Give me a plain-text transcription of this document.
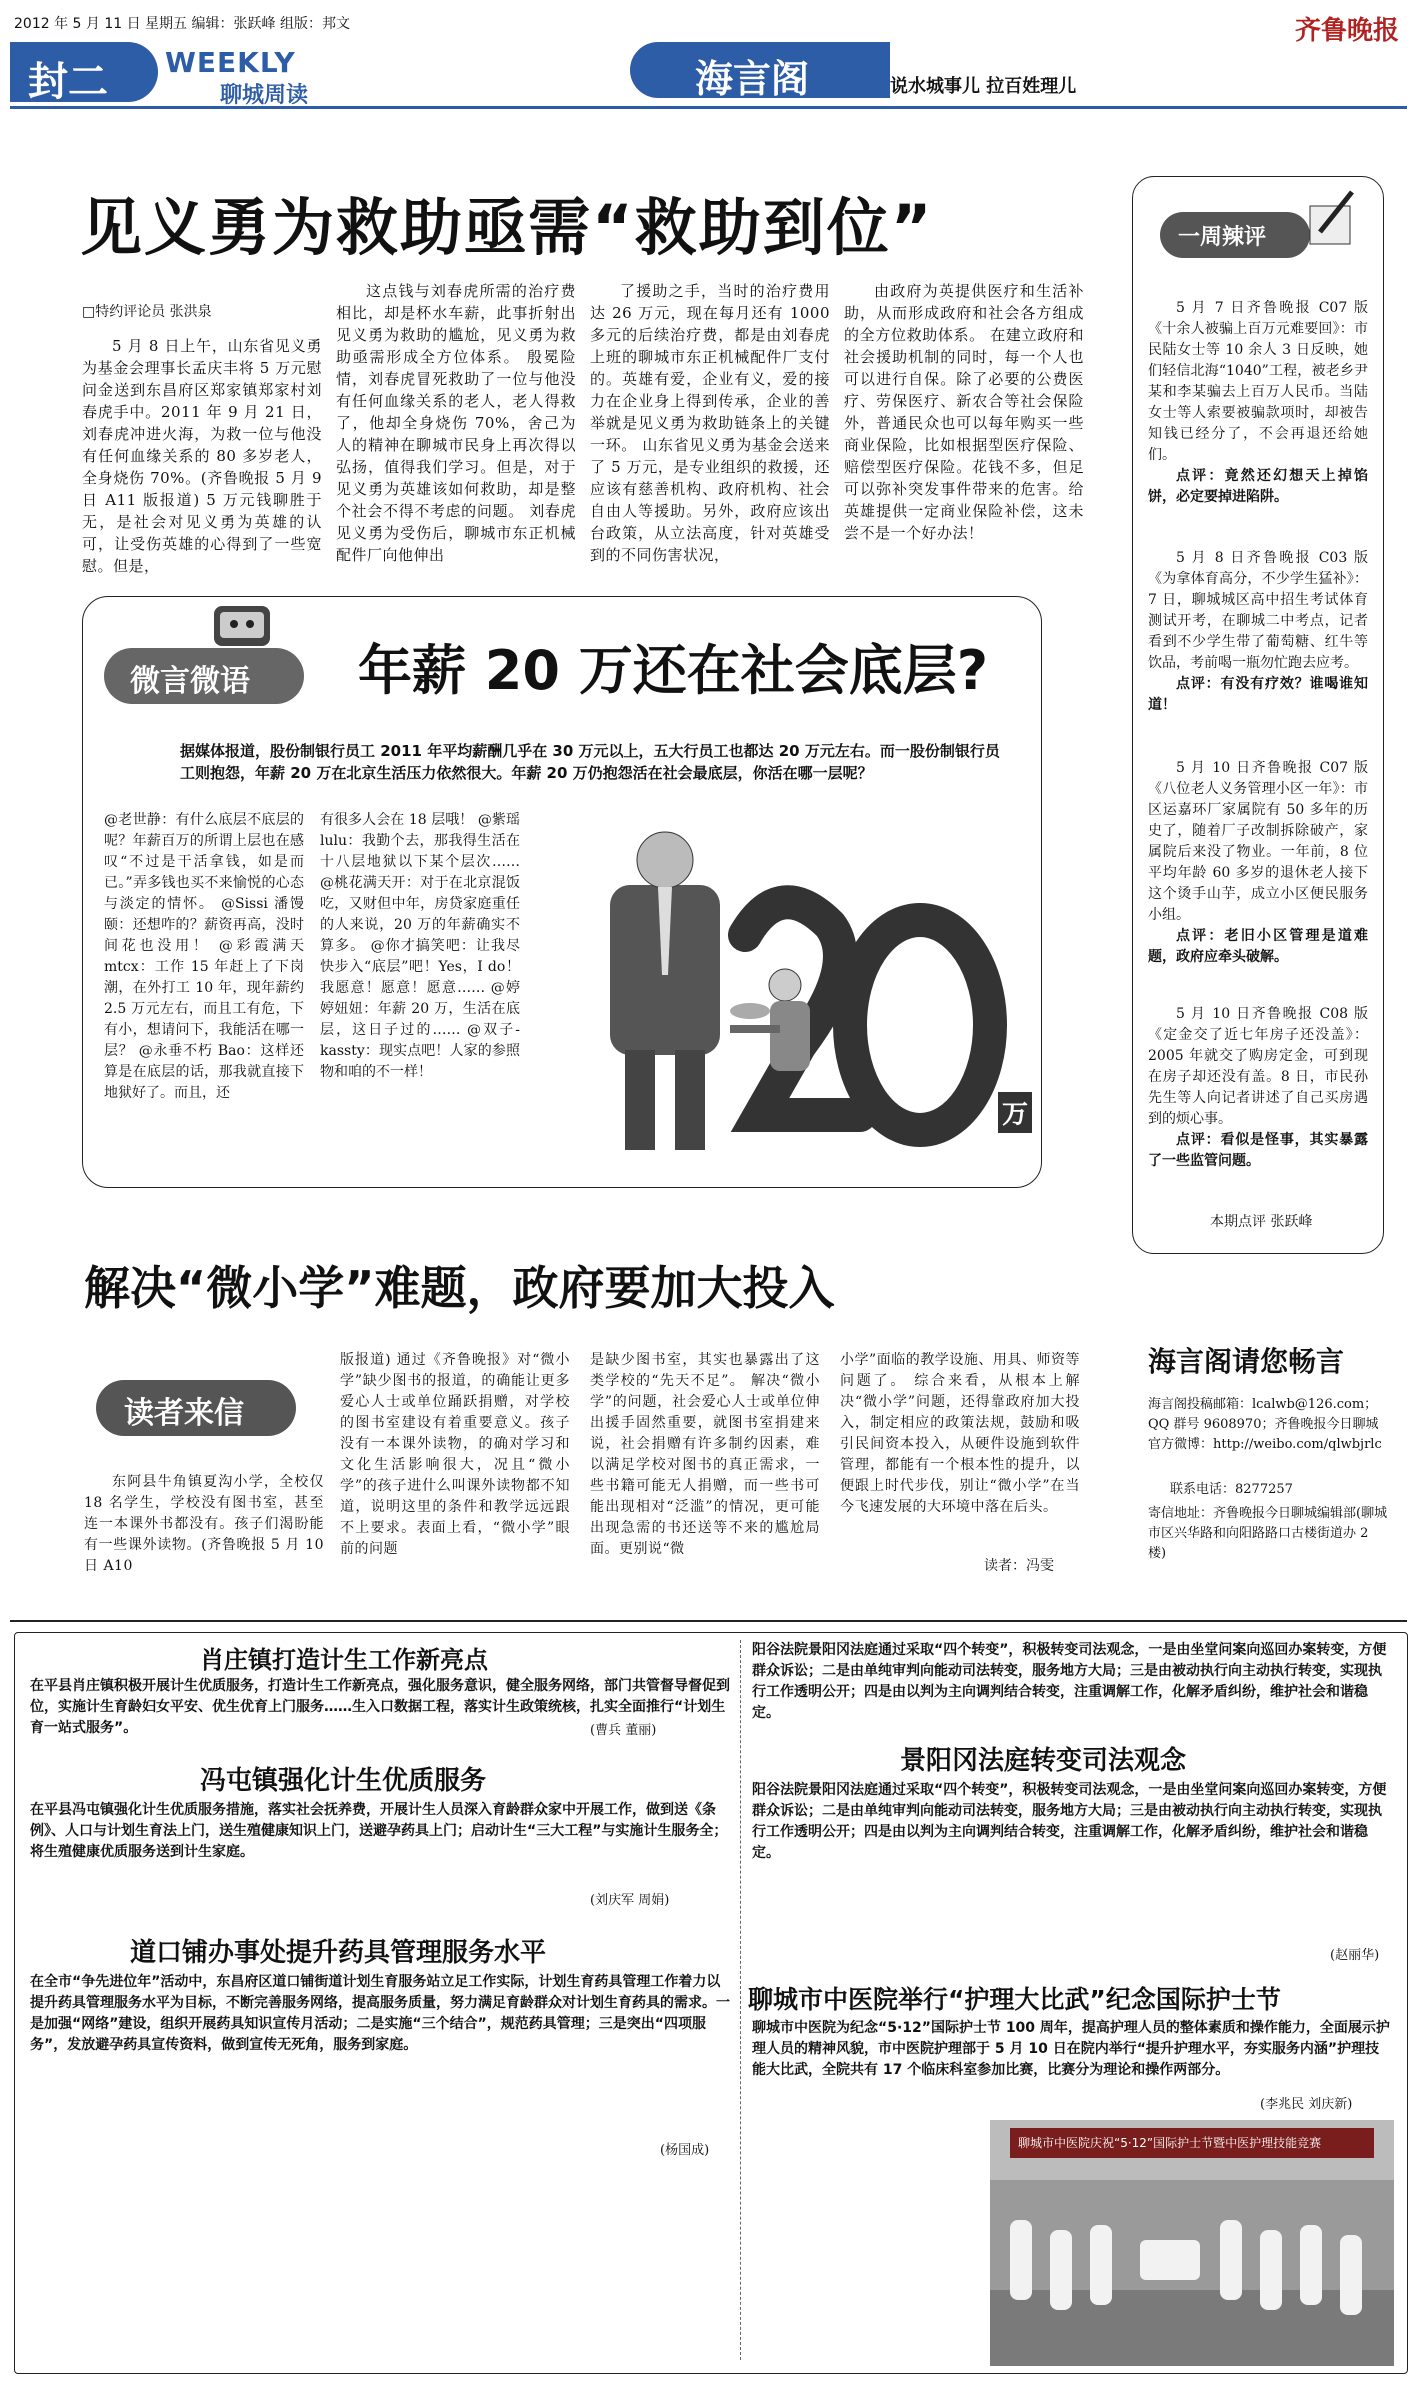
2012 年 5 月 11 日 星期五 编辑：张跃峰 组版：邦文	齐鲁晚报
封二 WEEKLY
聊城周读	海言阁	说水城事儿 拉百姓理儿
见义勇为救助亟需“救助到位”
□特约评论员 张洪泉

5 月 8 日上午，山东省见义勇为基金会理事长孟庆丰将 5 万元慰问金送到东昌府区郑家镇郑家村刘春虎手中。2011 年 9 月 21 日，刘春虎冲进火海，为救一位与他没有任何血缘关系的 80 多岁老人，全身烧伤 70%。(齐鲁晚报 5 月 9 日 A11 版报道) 5 万元钱聊胜于无，是社会对见义勇为英雄的认可，让受伤英雄的心得到了一些宽慰。但是，

这点钱与刘春虎所需的治疗费相比，却是杯水车薪，此事折射出见义勇为救助的尴尬，见义勇为救助亟需形成全方位体系。 殷冕险情，刘春虎冒死救助了一位与他没有任何血缘关系的老人，老人得救了，他却全身烧伤 70%，舍己为人的精神在聊城市民身上再次得以弘扬，值得我们学习。但是，对于见义勇为英雄该如何救助，却是整个社会不得不考虑的问题。 刘春虎见义勇为受伤后，聊城市东正机械配件厂向他伸出

了援助之手，当时的治疗费用达 26 万元，现在每月还有 1000 多元的后续治疗费，都是由刘春虎上班的聊城市东正机械配件厂支付的。英雄有爱，企业有义，爱的接力在企业身上得到传承，企业的善举就是见义勇为救助链条上的关键一环。 山东省见义勇为基金会送来了 5 万元，是专业组织的救援，还应该有慈善机构、政府机构、社会自由人等援助。另外，政府应该出台政策，从立法高度，针对英雄受到的不同伤害状况，

由政府为英提供医疗和生活补助，从而形成政府和社会各方组成的全方位救助体系。 在建立政府和社会援助机制的同时，每一个人也可以进行自保。除了必要的公费医疗、劳保医疗、新农合等社会保险外，普通民众也可以每年购买一些商业保险，比如根据型医疗保险、赔偿型医疗保险。花钱不多，但足可以弥补突发事件带来的危害。给英雄提供一定商业保险补偿，这未尝不是一个好办法！

微言微语 年薪 20 万还在社会底层?
据媒体报道，股份制银行员工 2011 年平均薪酬几乎在 30 万元以上，五大行员工也都达 20 万元左右。而一股份制银行员工则抱怨，年薪 20 万在北京生活压力依然很大。年薪 20 万仍抱怨活在社会最底层，你活在哪一层呢？
@老世静：有什么底层不底层的呢？年薪百万的所谓上层也在感叹“不过是干活拿钱，如是而已。”弄多钱也买不来愉悦的心态与淡定的情怀。 @Sissi 潘馒颐：还想咋的？薪资再高，没时间花也没用！ @彩霞满天 mtcx：工作 15 年赶上了下岗潮，在外打工 10 年，现年薪约 2.5 万元左右，而且工有危，下有小，想请问下，我能活在哪一层？ @永垂不朽 Bao：这样还算是在底层的话，那我就直接下地狱好了。而且，还
有很多人会在 18 层哦！ @紫瑶 lulu：我勤个去，那我得生活在十八层地狱以下某个层次…… @桃花满天开：对于在北京混饭吃，又财但中年，房贷家庭重任的人来说，20 万的年薪确实不算多。 @你才搞笑吧：让我尽快步入“底层”吧！Yes，I do！我愿意！愿意！愿意…… @婷婷妞妞：年薪 20 万，生活在底层，这日子过的…… @双子-kassty：现实点吧！人家的参照物和咱的不一样！
万
一周辣评
5 月 7 日齐鲁晚报 C07 版《十余人被骗上百万元难要回》：市民陆女士等 10 余人 3 日反映，她们轻信北海“1040”工程，被老乡尹某和李某骗去上百万人民币。当陆女士等人索要被骗款项时，却被告知钱已经分了，不会再退还给她们。
点评：竟然还幻想天上掉馅饼，必定要掉进陷阱。
5 月 8 日齐鲁晚报 C03 版《为拿体育高分，不少学生猛补》：7 日，聊城城区高中招生考试体育测试开考，在聊城二中考点，记者看到不少学生带了葡萄糖、红牛等饮品，考前喝一瓶勿忙跑去应考。
点评：有没有疗效？谁喝谁知道！
5 月 10 日齐鲁晚报 C07 版《八位老人义务管理小区一年》：市区运嘉环厂家属院有 50 多年的历史了，随着厂子改制拆除破产，家属院后来没了物业。一年前，8 位平均年龄 60 多岁的退休老人接下这个烫手山芋，成立小区便民服务小组。
点评：老旧小区管理是道难题，政府应牵头破解。
5 月 10 日齐鲁晚报 C08 版《定金交了近七年房子还没盖》：2005 年就交了购房定金，可到现在房子却还没有盖。8 日，市民孙先生等人向记者讲述了自己买房遇到的烦心事。
点评：看似是怪事，其实暴露了一些监管问题。
本期点评 张跃峰
解决“微小学”难题，政府要加大投入
读者来信
东阿县牛角镇夏沟小学，全校仅 18 名学生，学校没有图书室，甚至连一本课外书都没有。孩子们渴盼能有一些课外读物。(齐鲁晚报 5 月 10 日 A10
版报道) 通过《齐鲁晚报》对“微小学”缺少图书的报道，的确能让更多爱心人士或单位踊跃捐赠，对学校的图书室建设有着重要意义。孩子没有一本课外读物，的确对学习和文化生活影响很大，况且“微小学”的孩子进什么叫课外读物都不知道，说明这里的条件和教学远远跟不上要求。表面上看，“微小学”眼前的问题
是缺少图书室，其实也暴露出了这类学校的“先天不足”。 解决“微小学”的问题，社会爱心人士或单位伸出援手固然重要，就图书室捐建来说，社会捐赠有许多制约因素，难以满足学校对图书的真正需求，一些书籍可能无人捐赠，而一些书可能出现相对“泛滥”的情况，更可能出现急需的书还送等不来的尴尬局面。更别说“微
小学”面临的教学设施、用具、师资等问题了。 综合来看，从根本上解决“微小学”问题，还得靠政府加大投入，制定相应的政策法规，鼓励和吸引民间资本投入，从硬件设施到软件管理，都能有一个根本性的提升，以便跟上时代步伐，别让“微小学”在当今飞速发展的大环境中落在后头。
读者：冯雯
海言阁请您畅言
海言阁投稿邮箱：lcalwb@126.com；QQ 群号 9608970；齐鲁晚报今日聊城官方微博：http://weibo.com/qlwbjrlc
联系电话：8277257
寄信地址：齐鲁晚报今日聊城编辑部(聊城市区兴华路和向阳路路口古楼街道办 2 楼)
肖庄镇打造计生工作新亮点
在平县肖庄镇积极开展计生优质服务，打造计生工作新亮点，强化服务意识，健全服务网络，部门共管督导督促到位，实施计生育龄妇女平安、优生优育上门服务……生入口数据工程，落实计生政策统核，扎实全面推行“计划生育一站式服务”。	(曹兵 董丽)
冯屯镇强化计生优质服务
在平县冯屯镇强化计生优质服务措施，落实社会抚养费，开展计生人员深入育龄群众家中开展工作，做到送《条例》、人口与计划生育法上门，送生殖健康知识上门，送避孕药具上门；启动计生“三大工程”与实施计生服务全；将生殖健康优质服务送到计生家庭。
(刘庆军 周娟)
道口铺办事处提升药具管理服务水平
在全市“争先进位年”活动中，东昌府区道口铺街道计划生育服务站立足工作实际，计划生育药具管理工作着力以提升药具管理服务水平为目标，不断完善服务网络，提高服务质量，努力满足育龄群众对计划生育药具的需求。一是加强“网络”建设，组织开展药具知识宣传月活动；二是实施“三个结合”，规范药具管理；三是突出“四项服务”，发放避孕药具宣传资料，做到宣传无死角，服务到家庭。
(杨国成)
景阳冈法庭转变司法观念
阳谷法院景阳冈法庭通过采取“四个转变”，积极转变司法观念，一是由坐堂问案向巡回办案转变，方便群众诉讼；二是由单纯审判向能动司法转变，服务地方大局；三是由被动执行向主动执行转变，实现执行工作透明公开；四是由以判为主向调判结合转变，注重调解工作，化解矛盾纠纷，维护社会和谐稳定。
阳谷法院景阳冈法庭通过采取“四个转变”，积极转变司法观念，一是由坐堂问案向巡回办案转变，方便群众诉讼；二是由单纯审判向能动司法转变，服务地方大局；三是由被动执行向主动执行转变，实现执行工作透明公开；四是由以判为主向调判结合转变，注重调解工作，化解矛盾纠纷，维护社会和谐稳定。
(赵丽华)
聊城市中医院举行“护理大比武”纪念国际护士节
聊城市中医院为纪念“5·12”国际护士节 100 周年，提高护理人员的整体素质和操作能力，全面展示护理人员的精神风貌，市中医院护理部于 5 月 10 日在院内举行“提升护理水平，夯实服务内涵”护理技能大比武，全院共有 17 个临床科室参加比赛，比赛分为理论和操作两部分。
(李兆民 刘庆新)
聊城市中医院庆祝“5·12”国际护士节暨中医护理技能竞赛
